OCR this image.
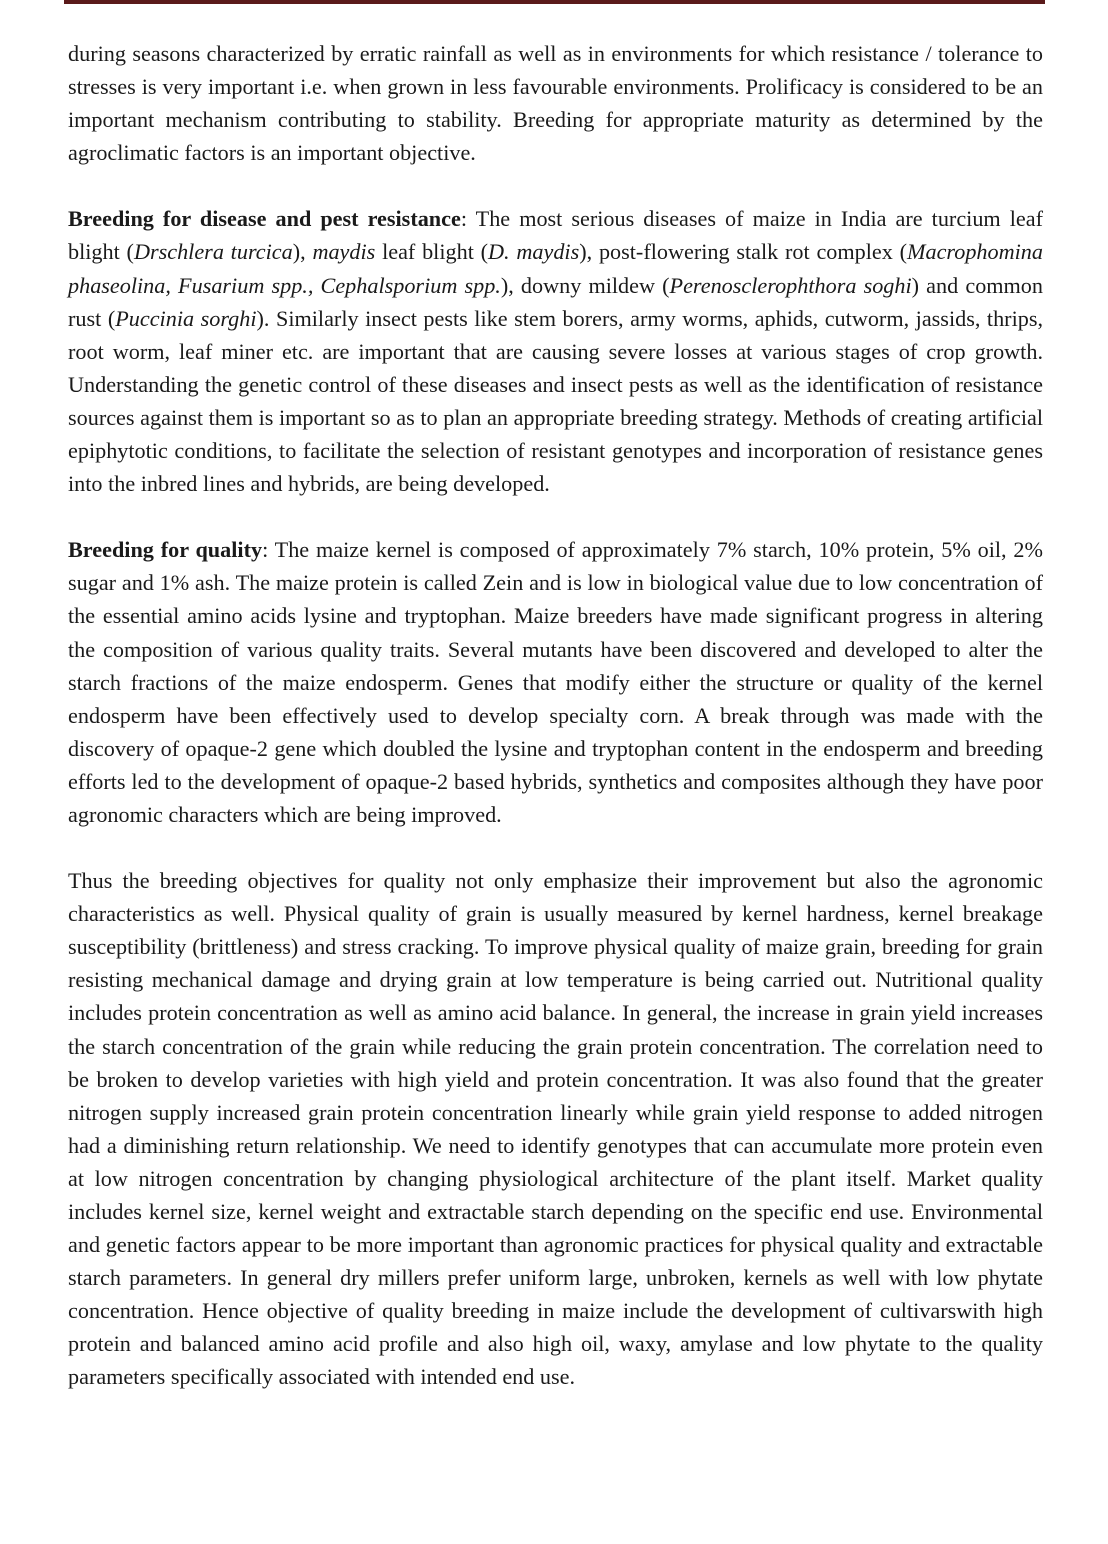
during seasons characterized by erratic rainfall as well as in environments for which resistance / tolerance to stresses is very important i.e. when grown in less favourable environments. Prolificacy is considered to be an important mechanism contributing to stability. Breeding for appropriate maturity as determined by the agroclimatic factors is an important objective.

Breeding for disease and pest resistance: The most serious diseases of maize in India are turcium leaf blight (Drschlera turcica), maydis leaf blight (D. maydis), post-flowering stalk rot complex (Macrophomina phaseolina, Fusarium spp., Cephalsporium spp.), downy mildew (Perenosclerophthora soghi) and common rust (Puccinia sorghi). Similarly insect pests like stem borers, army worms, aphids, cutworm, jassids, thrips, root worm, leaf miner etc. are important that are causing severe losses at various stages of crop growth. Understanding the genetic control of these diseases and insect pests as well as the identification of resistance sources against them is important so as to plan an appropriate breeding strategy. Methods of creating artificial epiphytotic conditions, to facilitate the selection of resistant genotypes and incorporation of resistance genes into the inbred lines and hybrids, are being developed.

Breeding for quality: The maize kernel is composed of approximately 7% starch, 10% protein, 5% oil, 2% sugar and 1% ash. The maize protein is called Zein and is low in biological value due to low concentration of the essential amino acids lysine and tryptophan. Maize breeders have made significant progress in altering the composition of various quality traits. Several mutants have been discovered and developed to alter the starch fractions of the maize endosperm. Genes that modify either the structure or quality of the kernel endosperm have been effectively used to develop specialty corn. A break through was made with the discovery of opaque-2 gene which doubled the lysine and tryptophan content in the endosperm and breeding efforts led to the development of opaque-2 based hybrids, synthetics and composites although they have poor agronomic characters which are being improved.

Thus the breeding objectives for quality not only emphasize their improvement but also the agronomic characteristics as well. Physical quality of grain is usually measured by kernel hardness, kernel breakage susceptibility (brittleness) and stress cracking. To improve physical quality of maize grain, breeding for grain resisting mechanical damage and drying grain at low temperature is being carried out. Nutritional quality includes protein concentration as well as amino acid balance. In general, the increase in grain yield increases the starch concentration of the grain while reducing the grain protein concentration. The correlation need to be broken to develop varieties with high yield and protein concentration. It was also found that the greater nitrogen supply increased grain protein concentration linearly while grain yield response to added nitrogen had a diminishing return relationship. We need to identify genotypes that can accumulate more protein even at low nitrogen concentration by changing physiological architecture of the plant itself. Market quality includes kernel size, kernel weight and extractable starch depending on the specific end use. Environmental and genetic factors appear to be more important than agronomic practices for physical quality and extractable starch parameters. In general dry millers prefer uniform large, unbroken, kernels as well with low phytate concentration. Hence objective of quality breeding in maize include the development of cultivarswith high protein and balanced amino acid profile and also high oil, waxy, amylase and low phytate to the quality parameters specifically associated with intended end use.
